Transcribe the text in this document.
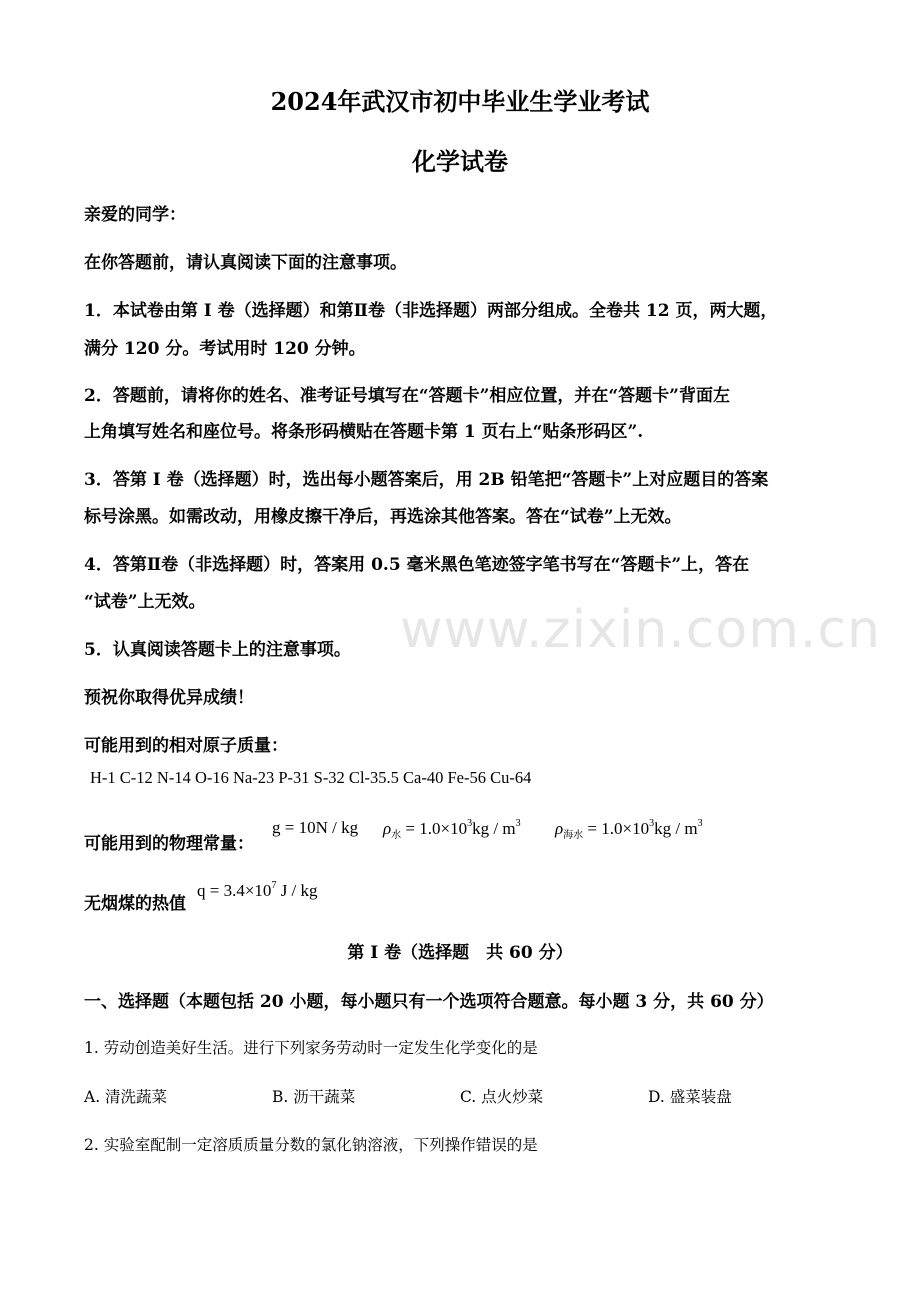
2024年武汉市初中毕业生学业考试
化学试卷
亲爱的同学：
在你答题前，请认真阅读下面的注意事项。
1．本试卷由第 I 卷（选择题）和第Ⅱ卷（非选择题）两部分组成。全卷共 12 页，两大题，
满分 120 分。考试用时 120 分钟。
2．答题前，请将你的姓名、准考证号填写在“答题卡”相应位置，并在“答题卡”背面左
上角填写姓名和座位号。将条形码横贴在答题卡第 1 页右上“贴条形码区”.
3．答第 I 卷（选择题）时，选出每小题答案后，用 2B 铅笔把“答题卡”上对应题目的答案
标号涂黑。如需改动，用橡皮擦干净后，再选涂其他答案。答在“试卷”上无效。
4．答第Ⅱ卷（非选择题）时，答案用 0.5 毫米黑色笔迹签字笔书写在“答题卡”上，答在
“试卷”上无效。
5．认真阅读答题卡上的注意事项。
预祝你取得优异成绩！
可能用到的相对原子质量：
H-1 C-12 N-14 O-16 Na-23 P-31 S-32 Cl-35.5 Ca-40 Fe-56 Cu-64
可能用到的物理常量：
g = 10N / kg $\rho_水 = 1.0\times 10^3kg / m^3$ $\rho_{海水} = 1.0\times 10^3kg / m^3$
无烟煤的热值
$q = 3.4\times 10^7$ J / kg
第 I 卷（选择题　共 60 分）
一、选择题（本题包括 20 小题，每小题只有一个选项符合题意。每小题 3 分，共 60 分）
1. 劳动创造美好生活。进行下列家务劳动时一定发生化学变化的是
A. 清洗蔬菜	B. 沥干蔬菜	C. 点火炒菜	D. 盛菜装盘
2. 实验室配制一定溶质质量分数的氯化钠溶液，下列操作错误的是
www.zixin.com.cn
